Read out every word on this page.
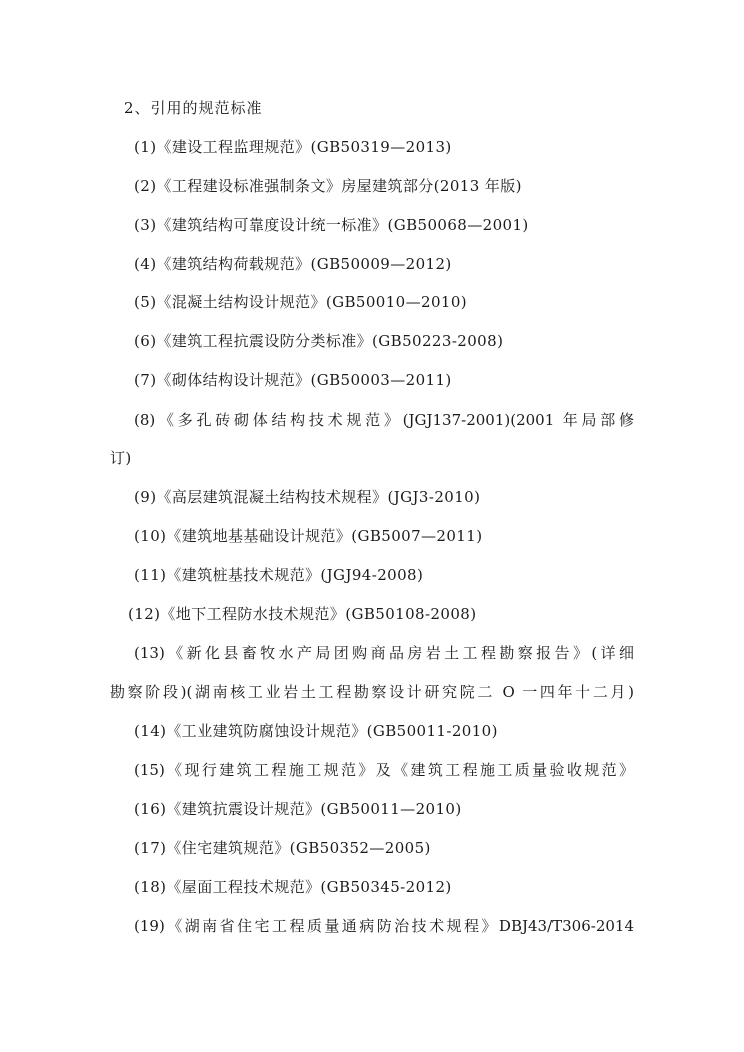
2、引用的规范标准
(1)《建设工程监理规范》(GB50319—2013)
(2)《工程建设标准强制条文》房屋建筑部分(2013 年版)
(3)《建筑结构可靠度设计统一标准》(GB50068—2001)
(4)《建筑结构荷载规范》(GB50009—2012)
(5)《混凝土结构设计规范》(GB50010—2010)
(6)《建筑工程抗震设防分类标准》(GB50223-2008)
(7)《砌体结构设计规范》(GB50003—2011)
(8)《多孔砖砌体结构技术规范》(JGJ137-2001)(2001 年局部修
订)
(9)《高层建筑混凝土结构技术规程》(JGJ3-2010)
(10)《建筑地基基础设计规范》(GB5007—2011)
(11)《建筑桩基技术规范》(JGJ94-2008)
(12)《地下工程防水技术规范》(GB50108-2008)
(13)《新化县畜牧水产局团购商品房岩土工程勘察报告》(详细
勘察阶段)(湖南核工业岩土工程勘察设计研究院二 O 一四年十二月)
(14)《工业建筑防腐蚀设计规范》(GB50011-2010)
(15)《现行建筑工程施工规范》及《建筑工程施工质量验收规范》
(16)《建筑抗震设计规范》(GB50011—2010)
(17)《住宅建筑规范》(GB50352—2005)
(18)《屋面工程技术规范》(GB50345-2012)
(19)《湖南省住宅工程质量通病防治技术规程》DBJ43/T306-2014
